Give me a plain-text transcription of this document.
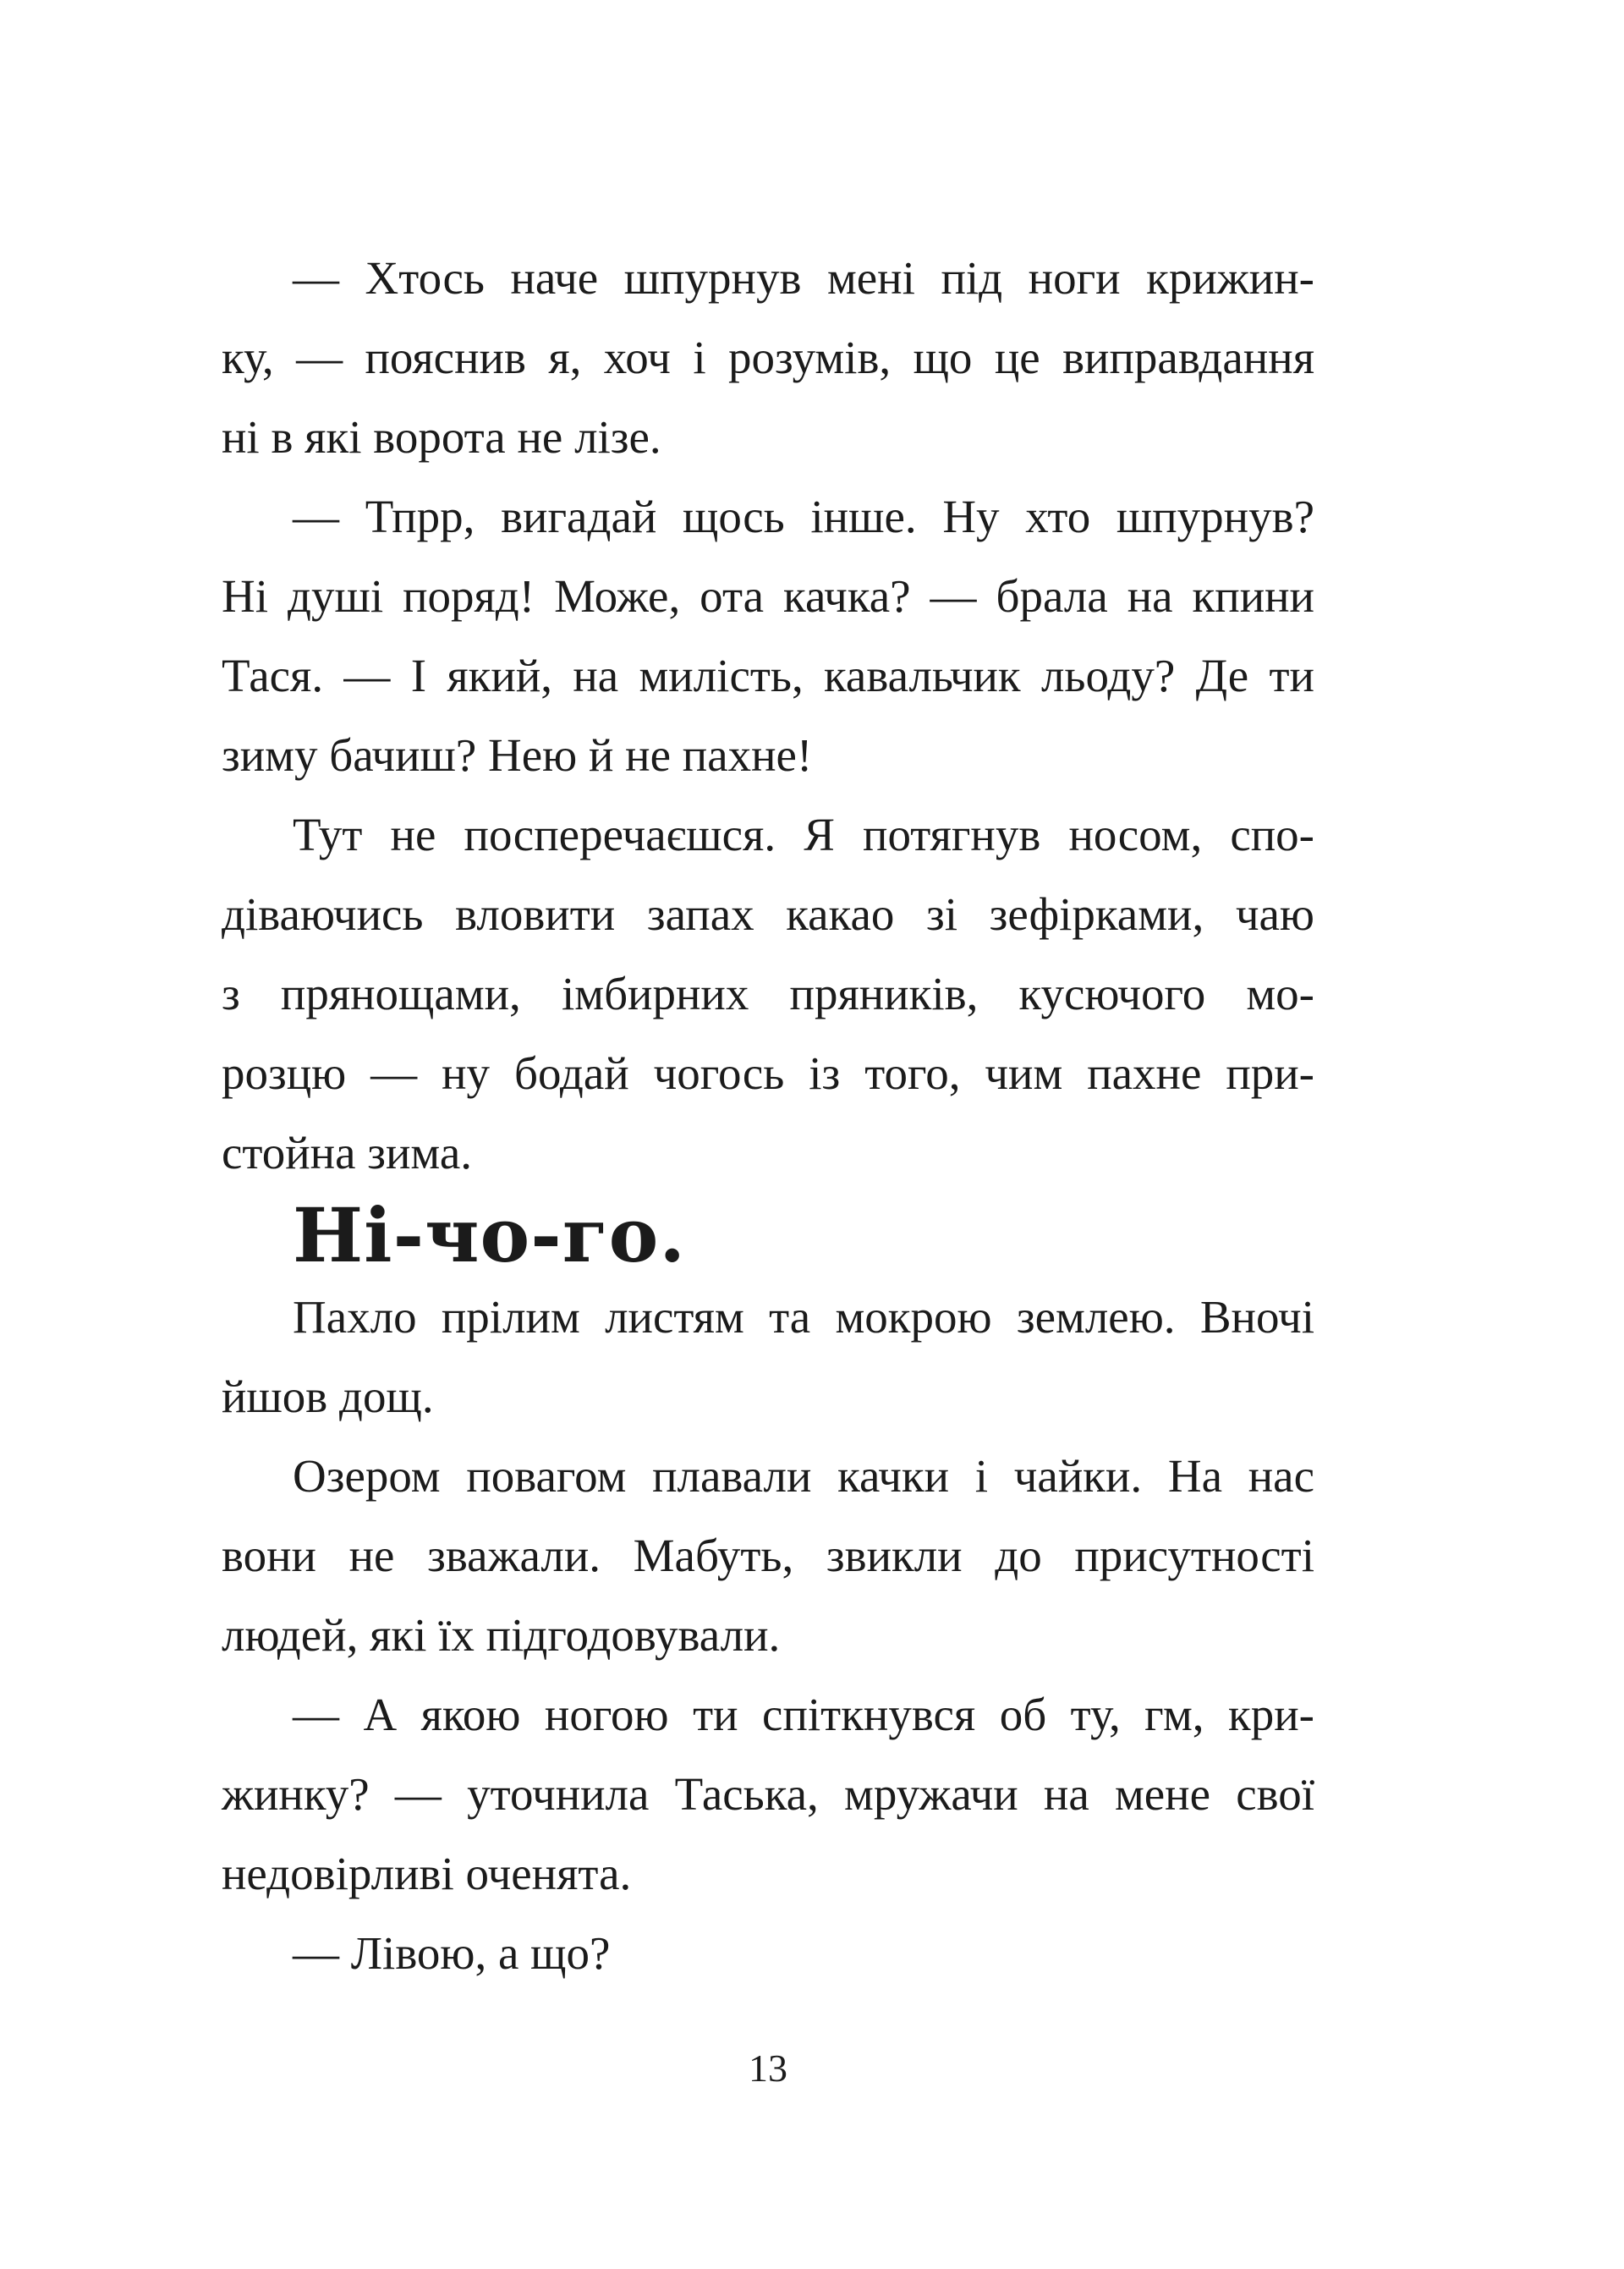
— Хтось наче шпурнув мені під ноги крижин-
ку, — пояснив я, хоч і розумів, що це виправдання
ні в які ворота не лізе.
— Тпрр, вигадай щось інше. Ну хто шпурнув?
Ні душі поряд! Може, ота качка? — брала на кпини
Тася. — І який, на милість, кавальчик льоду? Де ти
зиму бачиш? Нею й не пахне!
Тут не посперечаєшся. Я потягнув носом, спо-
діваючись вловити запах какао зі зефірками, чаю
з прянощами, імбирних пряників, кусючого мо-
розцю — ну бодай чогось із того, чим пахне при-
стойна зима.
Ні-чо-го.
Пахло прілим листям та мокрою землею. Вночі
йшов дощ.
Озером повагом плавали качки і чайки. На нас
вони не зважали. Мабуть, звикли до присутності
людей, які їх підгодовували.
— А якою ногою ти спіткнувся об ту, гм, кри-
жинку? — уточнила Таська, мружачи на мене свої
недовірливі оченята.
— Лівою, а що?
13
